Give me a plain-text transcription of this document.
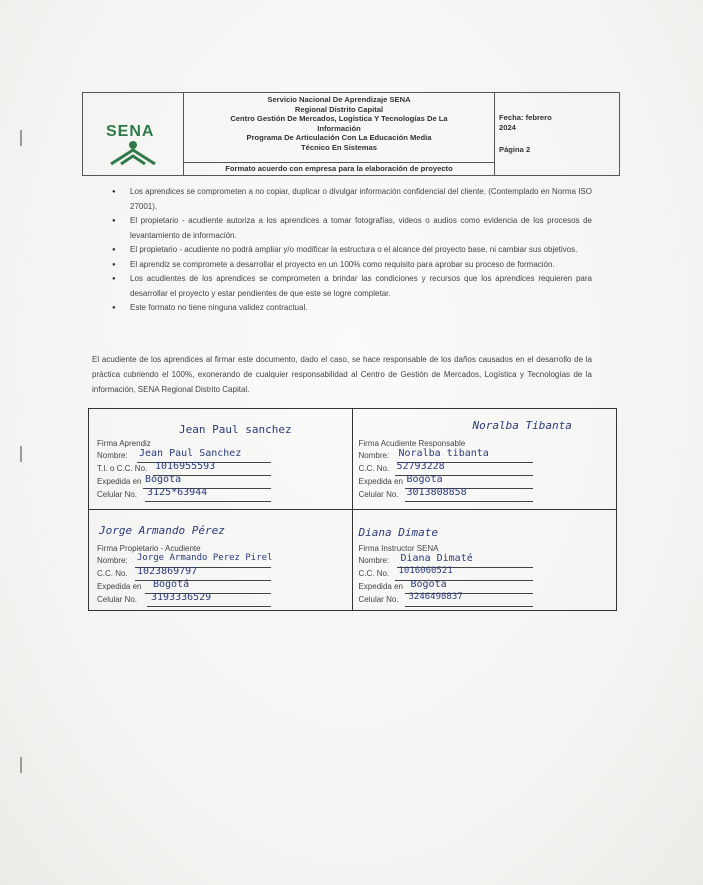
SENA
Servicio Nacional De Aprendizaje SENA
Regional Distrito Capital
Centro Gestión De Mercados, Logística Y Tecnologías De La
Información
Programa De Articulación Con La Educación Media
Técnico En Sistemas
Formato acuerdo con empresa para la elaboración de proyecto
Fecha: febrero
2024
Página 2
● Los aprendices se comprometen a no copiar, duplicar o divulgar información confidencial del cliente. (Contemplado en Norma ISO 27001).
● El propietario - acudiente autoriza a los aprendices a tomar fotografías, videos o audios como evidencia de los procesos de levantamiento de información.
● El propietario - acudiente no podrá ampliar y/o modificar la estructura o el alcance del proyecto base, ni cambiar sus objetivos.
● El aprendiz se compromete a desarrollar el proyecto en un 100% como requisito para aprobar su proceso de formación.
● Los acudientes de los aprendices se comprometen a brindar las condiciones y recursos que los aprendices requieren para desarrollar el proyecto y estar pendientes de que este se logre completar.
● Este formato no tiene ninguna validez contractual.
El acudiente de los aprendices al firmar este documento, dado el caso, se hace responsable de los daños causados en el desarrollo de la práctica cubriendo el 100%, exonerando de cualquier responsabilidad al Centro de Gestión de Mercados, Logística y Tecnologías de la información, SENA Regional Distrito Capital.
Jean Paul sanchez
Firma Aprendiz
Nombre: Jean Paul Sanchez
T.I. o C.C. No. 1016955593
Expedida en Bogota
Celular No. 3125*63944
Noralba Tibanta
Firma Acudiente Responsable
Nombre: Noralba tibanta
C.C. No. 52793228
Expedida en Bogota
Celular No. 3013808858
Jorge Armando Pérez
Firma Propietario - Acudiente
Nombre: Jorge Armando Perez Pirel
C.C. No. 1023869797
Expedida en Bogotá
Celular No. 3193336529
Diana Dimate
Firma Instructor SENA
Nombre: Diana Dimaté
C.C. No. 1016060521
Expedida en Bogota
Celular No. 3246498837
